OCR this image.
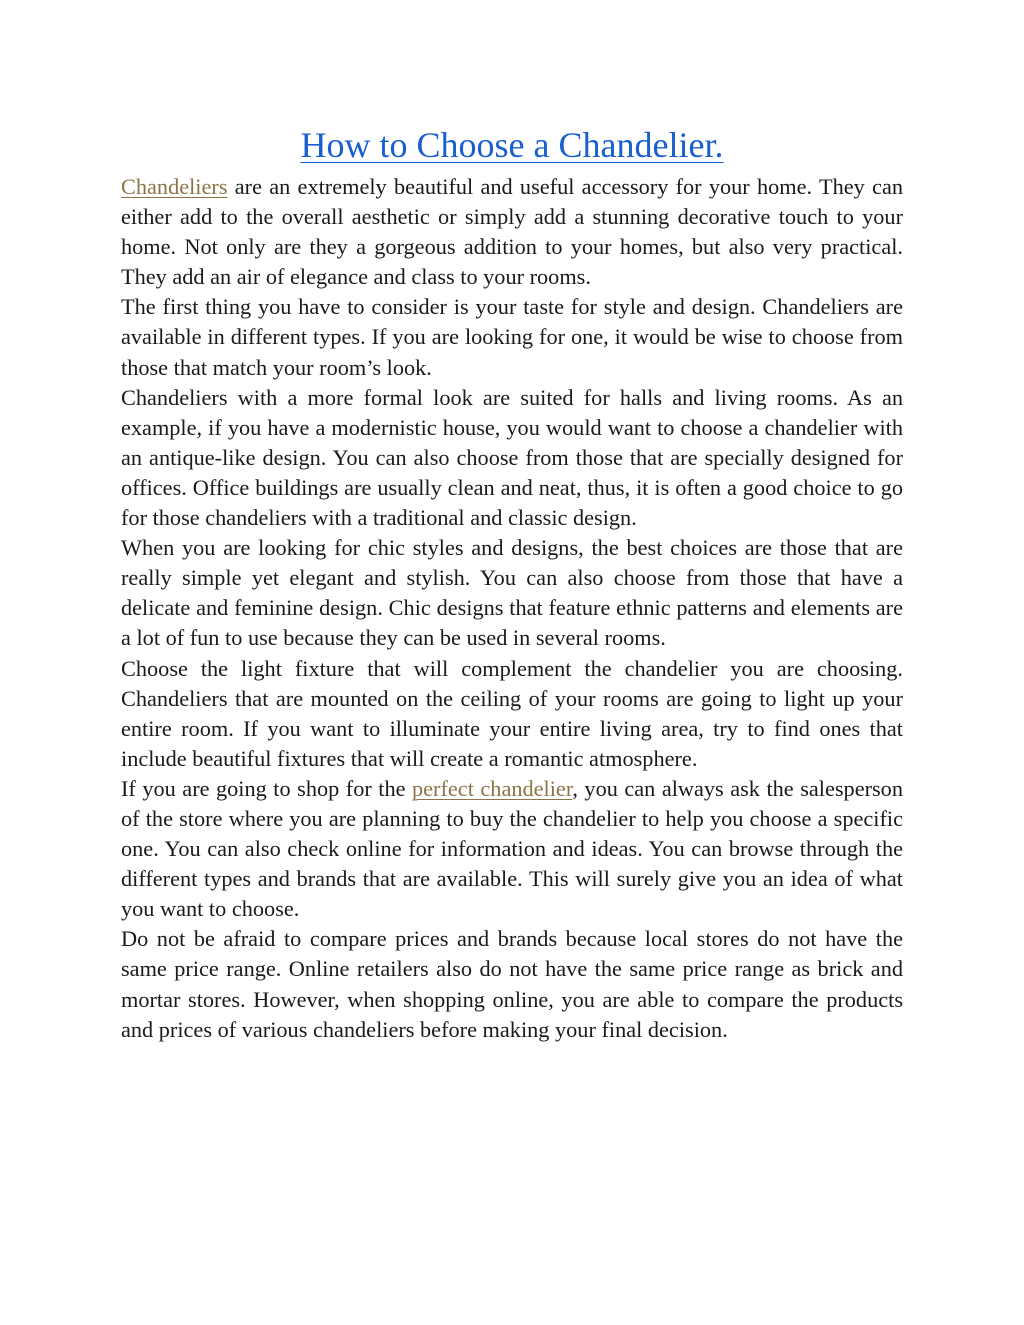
How to Choose a Chandelier.

Chandeliers are an extremely beautiful and useful accessory for your home. They can either add to the overall aesthetic or simply add a stunning decorative touch to your home. Not only are they a gorgeous addition to your homes, but also very practical. They add an air of elegance and class to your rooms.

The first thing you have to consider is your taste for style and design. Chandeliers are available in different types. If you are looking for one, it would be wise to choose from those that match your room’s look.

Chandeliers with a more formal look are suited for halls and living rooms. As an example, if you have a modernistic house, you would want to choose a chandelier with an antique-like design. You can also choose from those that are specially designed for offices. Office buildings are usually clean and neat, thus, it is often a good choice to go for those chandeliers with a traditional and classic design.

When you are looking for chic styles and designs, the best choices are those that are really simple yet elegant and stylish. You can also choose from those that have a delicate and feminine design. Chic designs that feature ethnic patterns and elements are a lot of fun to use because they can be used in several rooms.

Choose the light fixture that will complement the chandelier you are choosing. Chandeliers that are mounted on the ceiling of your rooms are going to light up your entire room. If you want to illuminate your entire living area, try to find ones that include beautiful fixtures that will create a romantic atmosphere.

If you are going to shop for the perfect chandelier, you can always ask the salesperson of the store where you are planning to buy the chandelier to help you choose a specific one. You can also check online for information and ideas. You can browse through the different types and brands that are available. This will surely give you an idea of what you want to choose.

Do not be afraid to compare prices and brands because local stores do not have the same price range. Online retailers also do not have the same price range as brick and mortar stores. However, when shopping online, you are able to compare the products and prices of various chandeliers before making your final decision.
